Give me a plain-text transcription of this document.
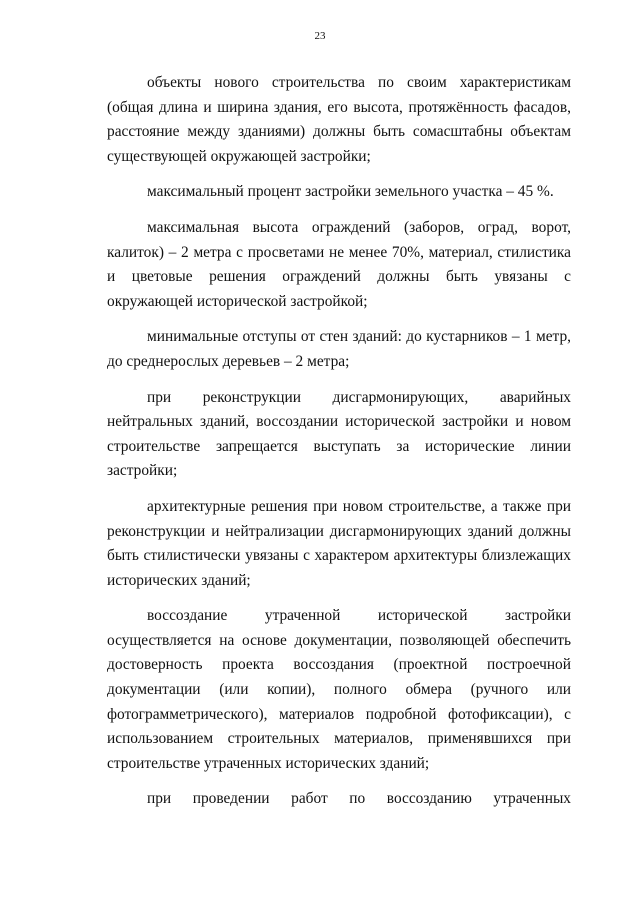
23

объекты нового строительства по своим характеристикам (общая длина и ширина здания, его высота, протяжённость фасадов, расстояние между зданиями) должны быть сомасштабны объектам существующей окружающей застройки;

максимальный процент застройки земельного участка – 45 %.

максимальная высота ограждений (заборов, оград, ворот, калиток) – 2 метра с просветами не менее 70%, материал, стилистика и цветовые решения ограждений должны быть увязаны с окружающей исторической застройкой;

минимальные отступы от стен зданий: до кустарников – 1 метр, до среднерослых деревьев – 2 метра;

при реконструкции дисгармонирующих, аварийных нейтральных зданий, воссоздании исторической застройки и новом строительстве запрещается выступать за исторические линии застройки;

архитектурные решения при новом строительстве, а также при реконструкции и нейтрализации дисгармонирующих зданий должны быть стилистически увязаны с характером архитектуры близлежащих исторических зданий;

воссоздание утраченной исторической застройки осуществляется на основе документации, позволяющей обеспечить достоверность проекта воссоздания (проектной построечной документации (или копии), полного обмера (ручного или фотограмметрического), материалов подробной фотофиксации), с использованием строительных материалов, применявшихся при строительстве утраченных исторических зданий;

при проведении работ по воссозданию утраченных
